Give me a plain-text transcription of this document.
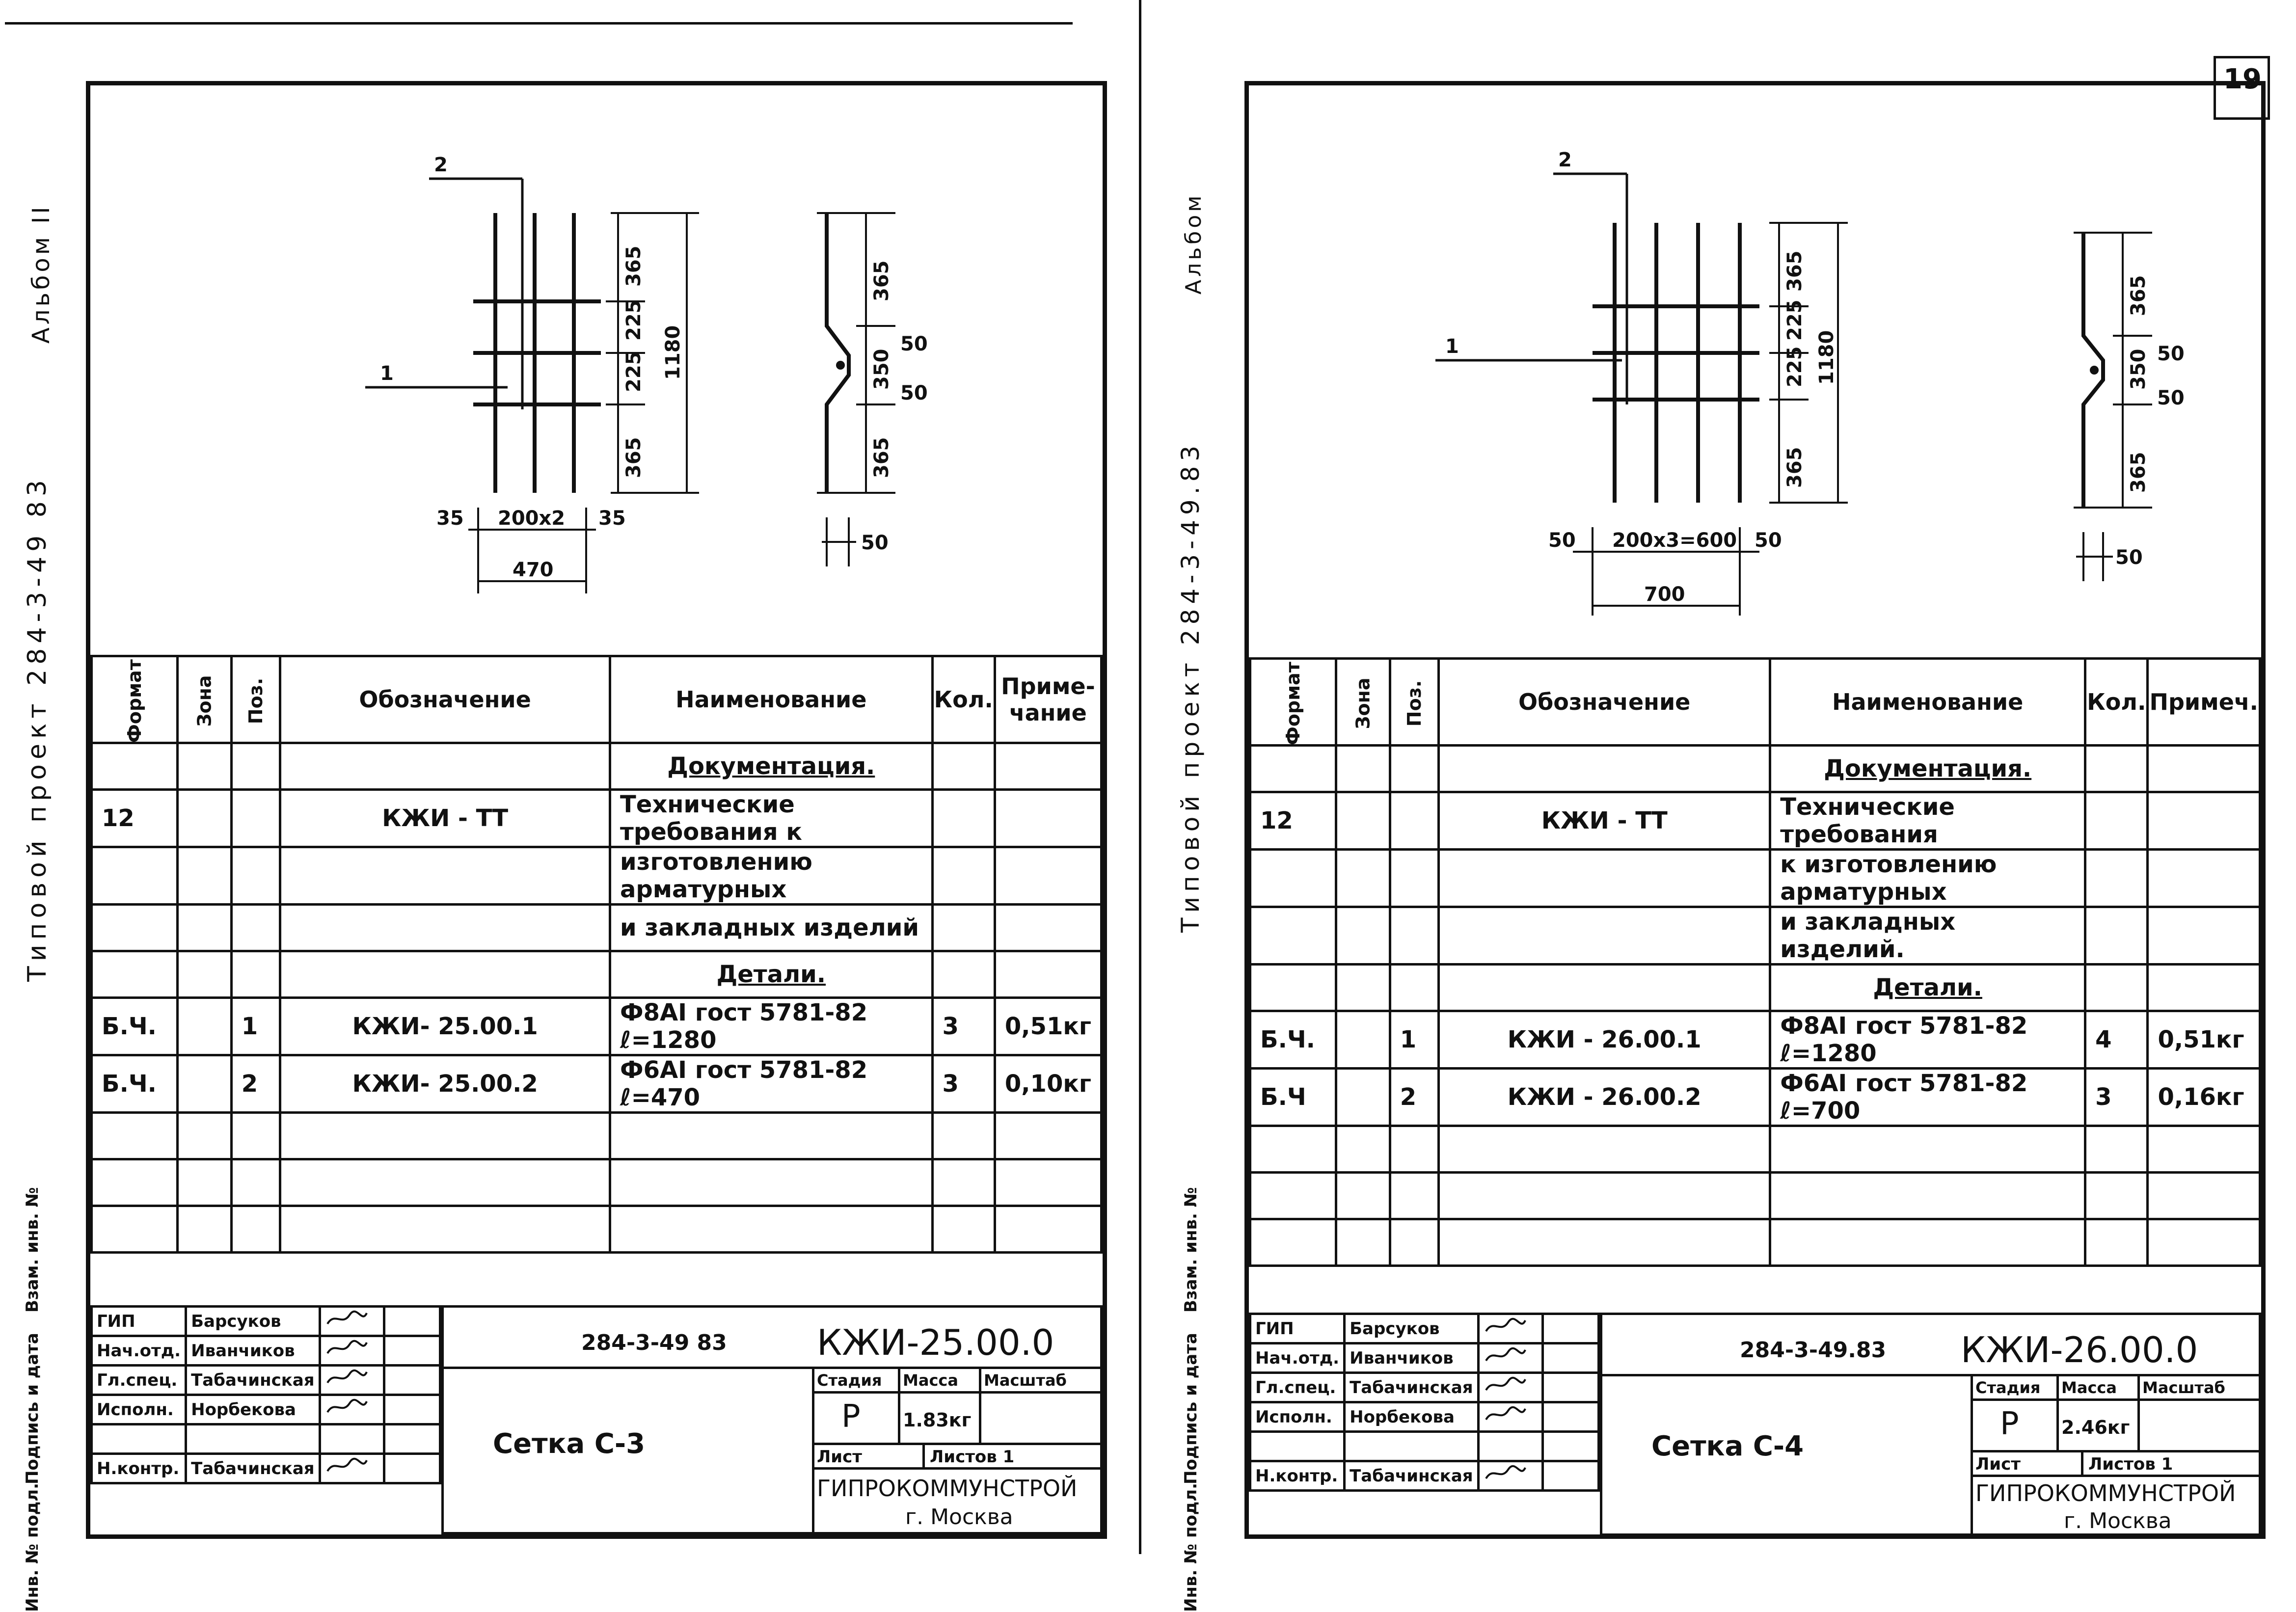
2
1
365
225
225
365
1180
35 200x2 35
470
365
350
365
50
50
50
Формат	Зона	Поз.	Обозначение	Наименование	Кол.	Приме-чание
				Документация.		
12			КЖИ - ТТ	Технические требования к		
				изготовлению арматурных		
				и закладных изделий		
				Детали.		
Б.Ч.		1	КЖИ- 25.00.1	Ф8АI гост 5781-82 ℓ=1280	3	0,51кг
Б.Ч.		2	КЖИ- 25.00.2	Ф6АI гост 5781-82 ℓ=470	3	0,10кг

Взам. инв. №
Подпись и дата
Инв. № подл.
ГИП	Барсуков		
Нач.отд.	Иванчиков		
Гл.спец.	Табачинская		
Исполн.	Норбекова		

Н.контр.	Табачинская		
284-3-49 83	КЖИ-25.00.0
Сетка С-3
Стадия Масса Масштаб
Р 1.83кг
Лист	Листов 1
ГИПРОКОММУНСТРОЙ
г. Москва
Альбом II
Типовой проект 284-3-49 83
19
2
1
365
225
225
365
1180
50 200x3=600 50
700
365
350
365
50
50
50
Формат	Зона	Поз.	Обозначение	Наименование	Кол.	Примеч.
				Документация.		
12			КЖИ - ТТ	Технические требования		
				к изготовлению арматурных		
				и закладных изделий.		
				Детали.		
Б.Ч.		1	КЖИ - 26.00.1	Ф8АI гост 5781-82 ℓ=1280	4	0,51кг
Б.Ч		2	КЖИ - 26.00.2	Ф6АI гост 5781-82 ℓ=700	3	0,16кг

Взам. инв. №
Подпись и дата
Инв. № подл.
ГИП	Барсуков		
Нач.отд.	Иванчиков		
Гл.спец.	Табачинская		
Исполн.	Норбекова		

Н.контр.	Табачинская		
284-3-49.83 КЖИ-26.00.0
Сетка С-4
Стадия Масса Масштаб
Р 2.46кг
Лист	Листов 1
ГИПРОКОММУНСТРОЙ
г. Москва
Альбом
Типовой проект 284-3-49.83
